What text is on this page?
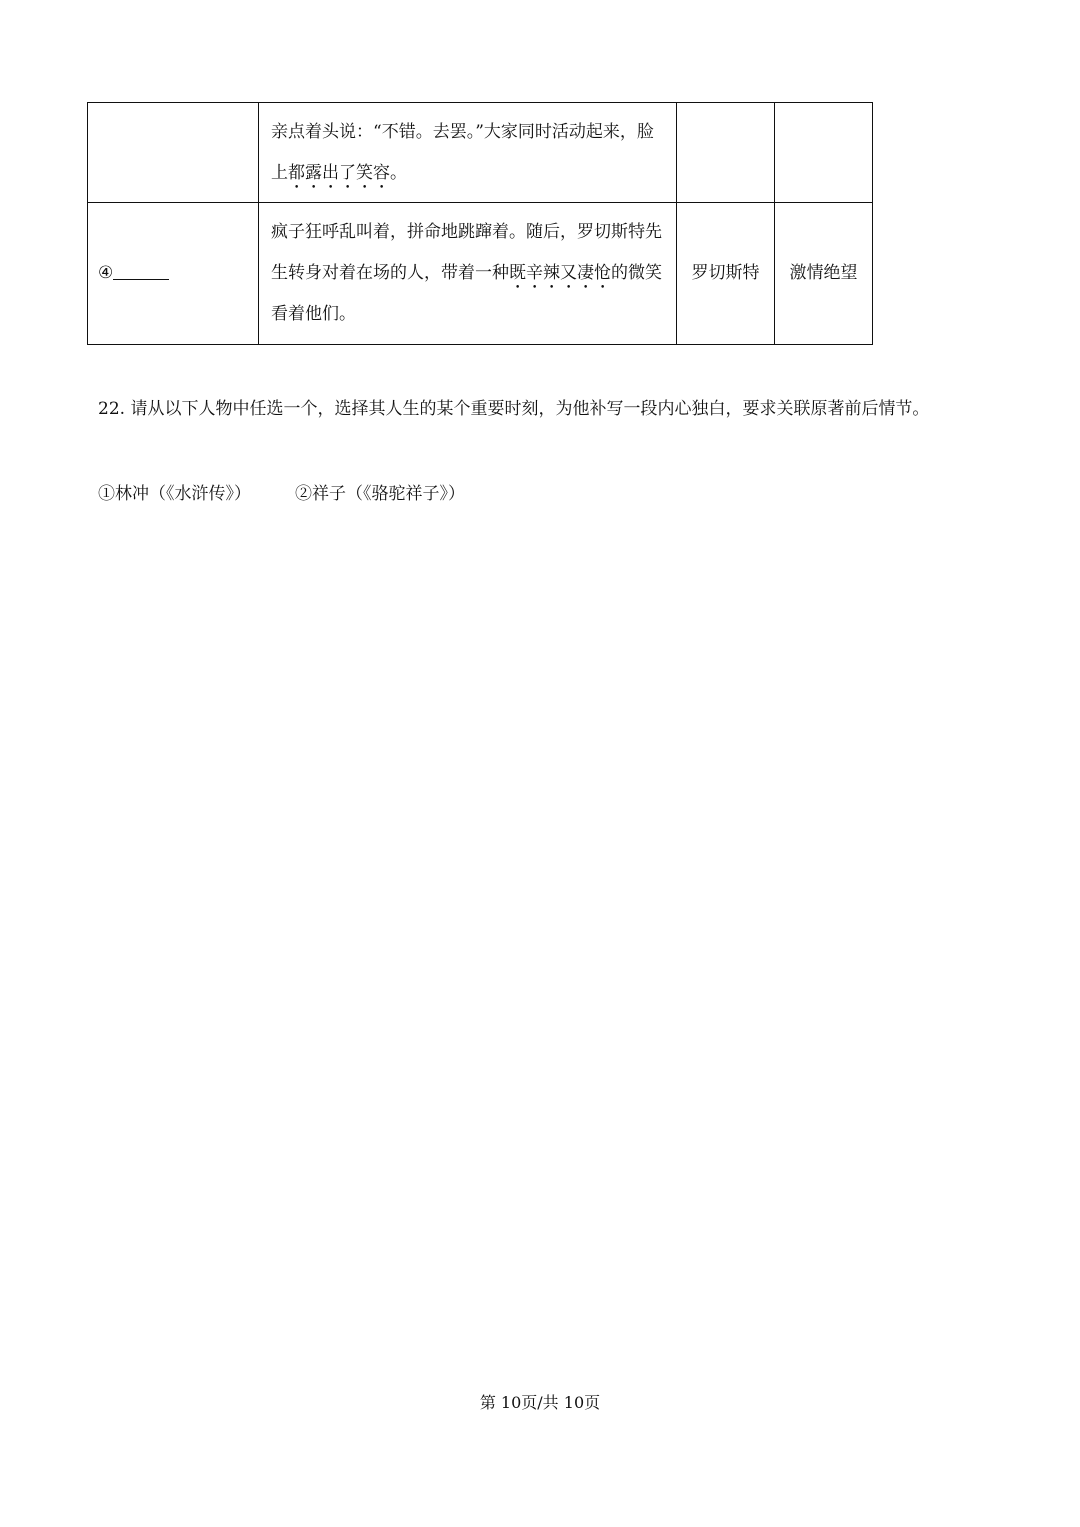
	亲点着头说：“不错。去罢。”大家同时活动起来，脸上都露出了笑容。		
④	疯子狂呼乱叫着，拼命地跳蹿着。随后，罗切斯特先生转身对着在场的人，带着一种既辛辣又凄怆的微笑看着他们。	罗切斯特	激情绝望
22. 请从以下人物中任选一个，选择其人生的某个重要时刻，为他补写一段内心独白，要求关联原著前后情节。
①林冲（《水浒传》）	②祥子（《骆驼祥子》）
第 10页/共 10页
